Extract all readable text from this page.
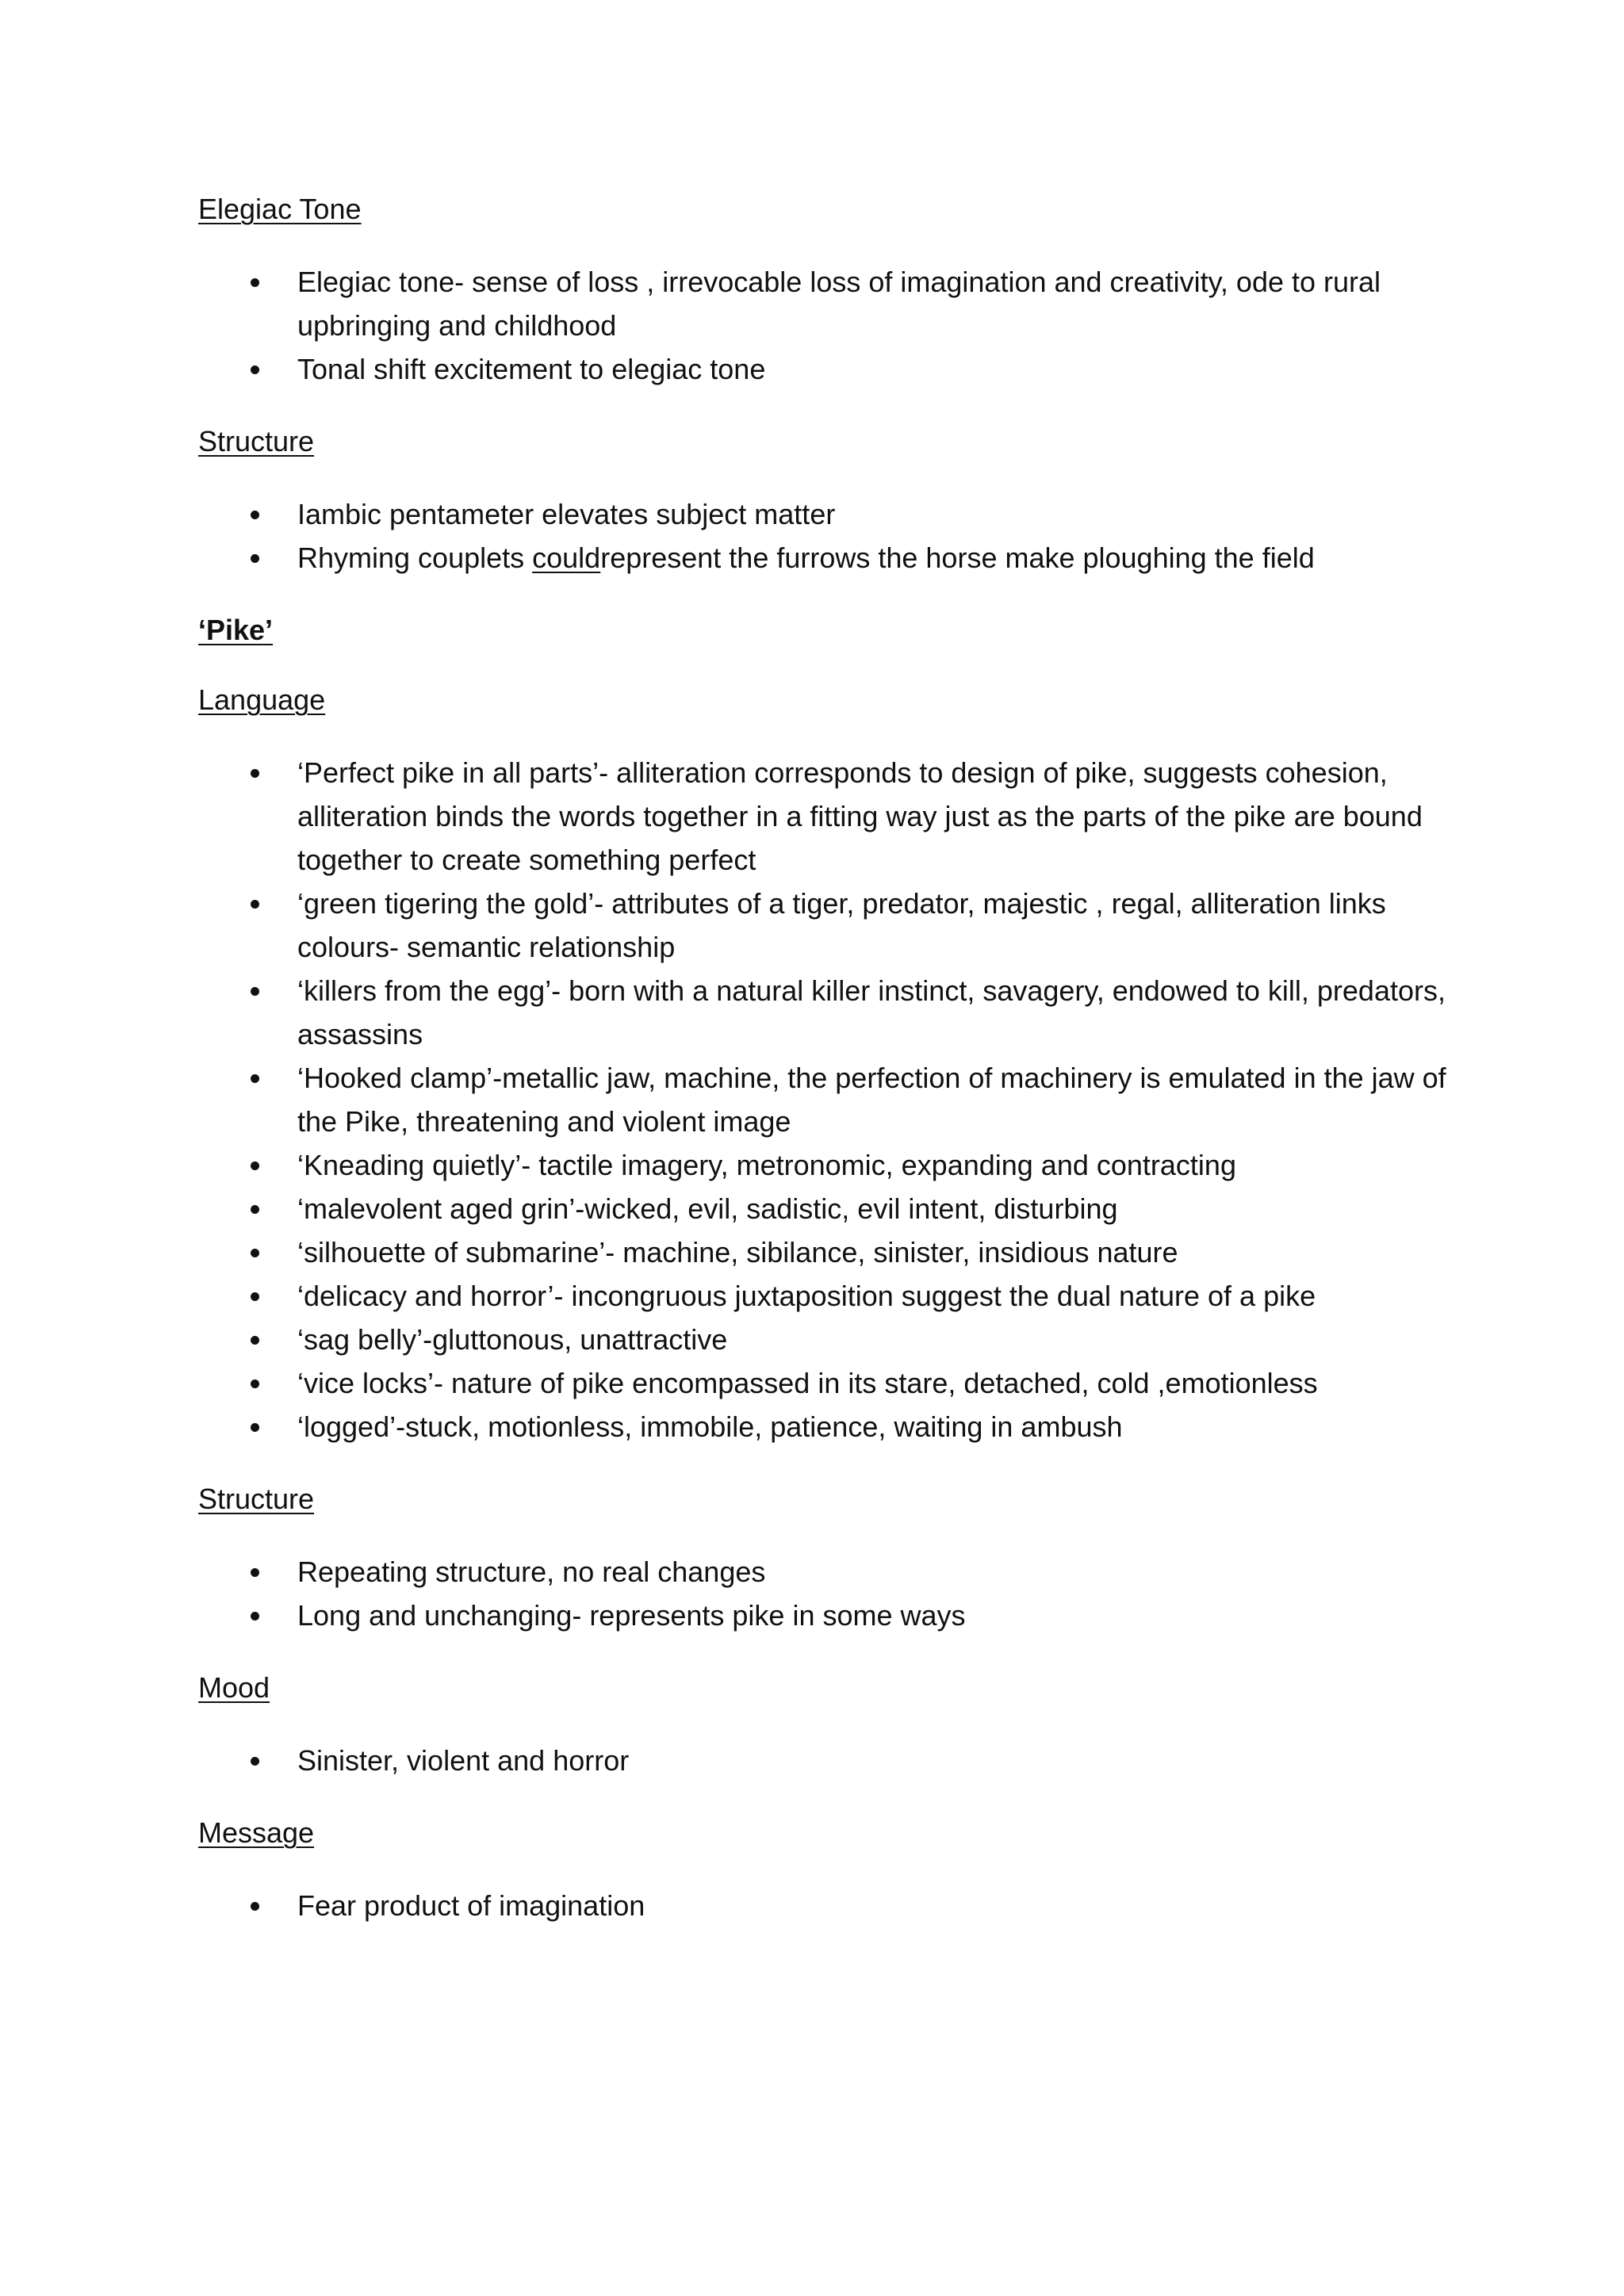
Elegiac Tone
Elegiac tone- sense of loss , irrevocable loss of imagination and creativity, ode to rural upbringing and childhood
Tonal shift excitement to elegiac tone
Structure
Iambic pentameter elevates subject matter
Rhyming couplets couldrepresent the furrows the horse make ploughing the field
‘Pike’
Language
‘Perfect pike in all parts’- alliteration corresponds to design of pike, suggests cohesion, alliteration binds the words together in a fitting way just as the parts of the pike are bound together to create something perfect
‘green tigering the gold’- attributes of a tiger, predator, majestic , regal, alliteration links colours- semantic relationship
‘killers from the egg’- born with a natural killer instinct, savagery, endowed to kill, predators, assassins
‘Hooked clamp’-metallic jaw, machine, the perfection of machinery is emulated in the jaw of the Pike, threatening and violent image
‘Kneading quietly’- tactile imagery, metronomic, expanding and contracting
‘malevolent aged grin’-wicked, evil, sadistic, evil intent, disturbing
‘silhouette of submarine’- machine, sibilance, sinister, insidious nature
‘delicacy and horror’- incongruous juxtaposition suggest the dual nature of a pike
‘sag belly’-gluttonous, unattractive
‘vice locks’- nature of pike encompassed in its stare, detached, cold ,emotionless
‘logged’-stuck, motionless, immobile, patience, waiting in ambush
Structure
Repeating structure, no real changes
Long and unchanging- represents pike in some ways
Mood
Sinister, violent and horror
Message
Fear product of imagination
